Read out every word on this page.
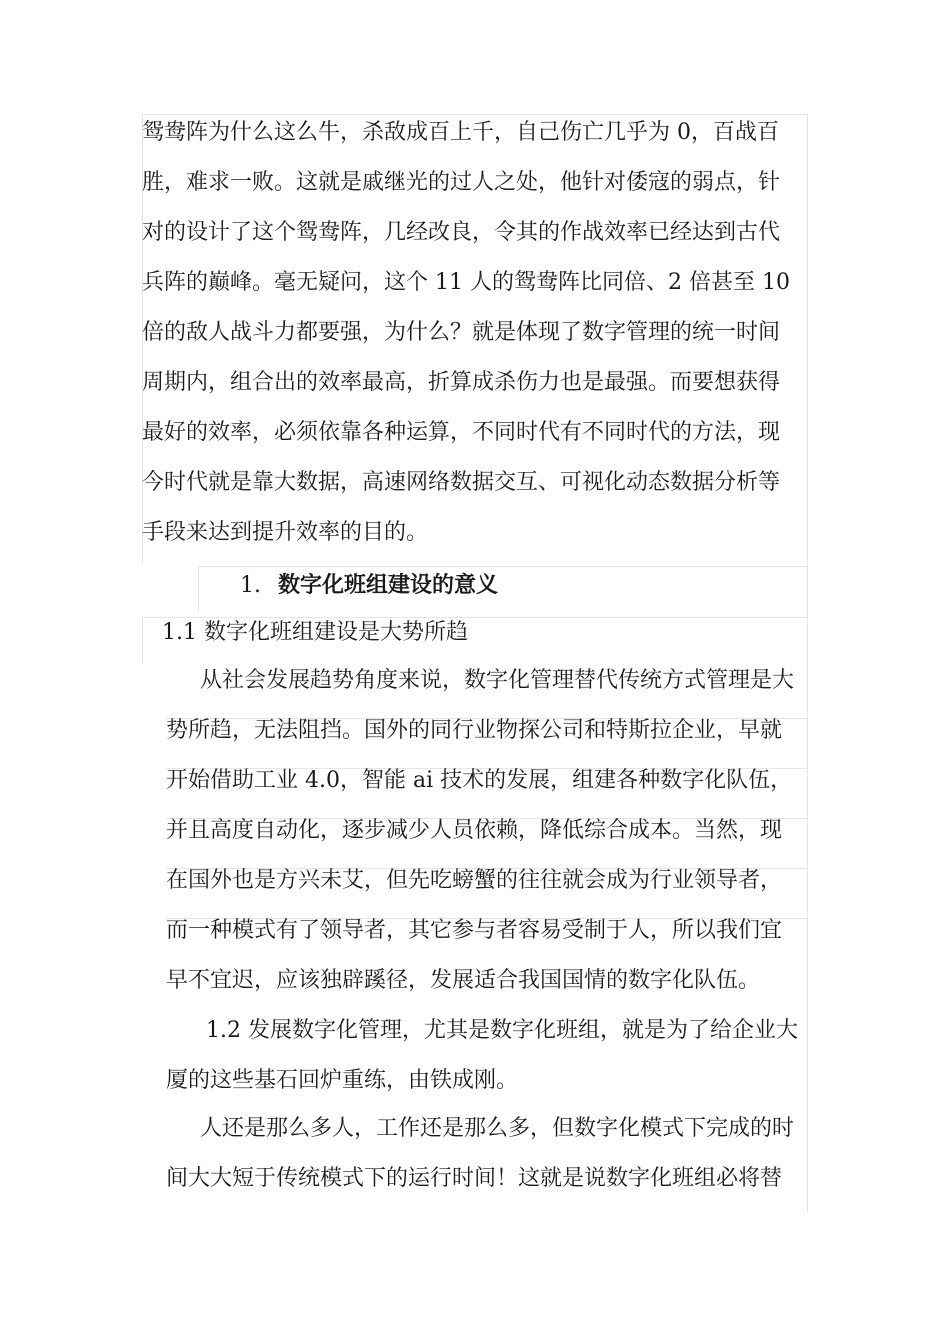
鸳鸯阵为什么这么牛，杀敌成百上千，自己伤亡几乎为 0，百战百
胜，难求一败。这就是戚继光的过人之处，他针对倭寇的弱点，针
对的设计了这个鸳鸯阵，几经改良，令其的作战效率已经达到古代
兵阵的巅峰。毫无疑问，这个 11 人的鸳鸯阵比同倍、2 倍甚至 10
倍的敌人战斗力都要强，为什么？就是体现了数字管理的统一时间
周期内，组合出的效率最高，折算成杀伤力也是最强。而要想获得
最好的效率，必须依靠各种运算，不同时代有不同时代的方法，现
今时代就是靠大数据，高速网络数据交互、可视化动态数据分析等
手段来达到提升效率的目的。
1. 数字化班组建设的意义
1.1 数字化班组建设是大势所趋
从社会发展趋势角度来说，数字化管理替代传统方式管理是大
势所趋，无法阻挡。国外的同行业物探公司和特斯拉企业，早就
开始借助工业 4.0，智能 ai 技术的发展，组建各种数字化队伍，
并且高度自动化，逐步减少人员依赖，降低综合成本。当然，现
在国外也是方兴未艾，但先吃螃蟹的往往就会成为行业领导者，
而一种模式有了领导者，其它参与者容易受制于人，所以我们宜
早不宜迟，应该独辟蹊径，发展适合我国国情的数字化队伍。
1.2 发展数字化管理，尤其是数字化班组，就是为了给企业大
厦的这些基石回炉重练，由铁成刚。
人还是那么多人，工作还是那么多，但数字化模式下完成的时
间大大短于传统模式下的运行时间！这就是说数字化班组必将替
